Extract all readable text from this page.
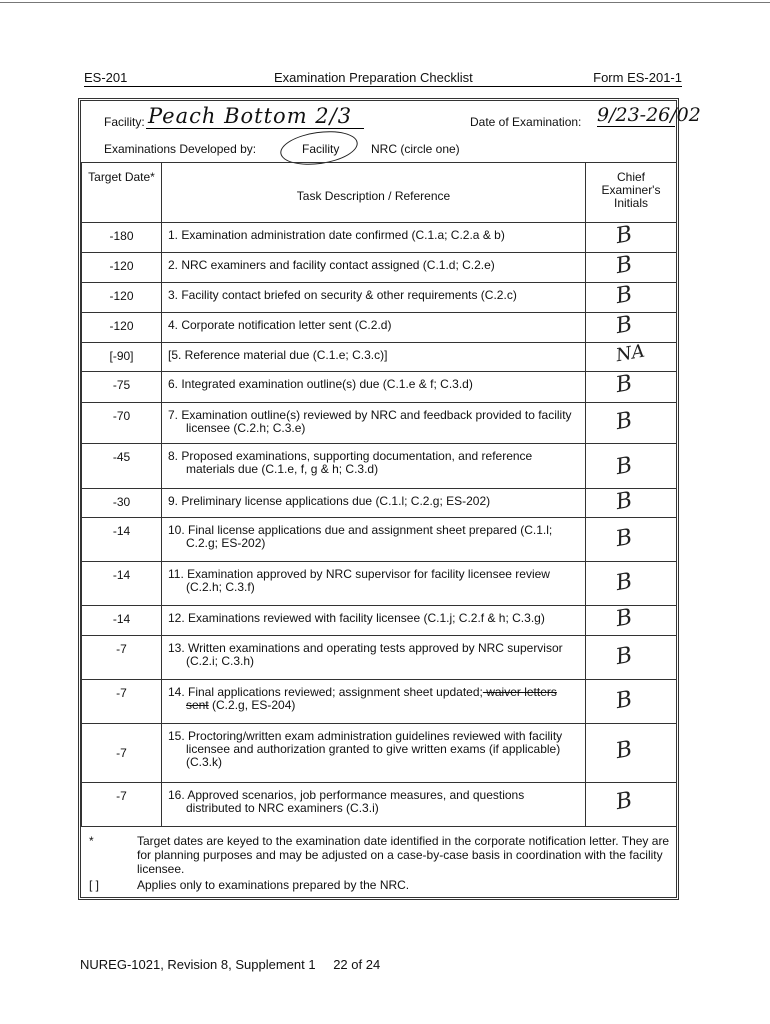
ES-201	Examination Preparation Checklist	Form ES-201-1
Facility: Peach Bottom 2/3	Date of Examination: 9/23-26/02
Examinations Developed by:	Facility	NRC (circle one)
Target Date*	Task Description / Reference	Chief Examiner's Initials
-180	1. Examination administration date confirmed (C.1.a; C.2.a & b)	B

-120	2. NRC examiners and facility contact assigned (C.1.d; C.2.e)	B

-120	3. Facility contact briefed on security & other requirements (C.2.c)	B

-120	4. Corporate notification letter sent (C.2.d)	B

[-90]	[5. Reference material due (C.1.e; C.3.c)]	NA

-75	6. Integrated examination outline(s) due (C.1.e & f; C.3.d)	B

-70	7. Examination outline(s) reviewed by NRC and feedback provided to facility licensee (C.2.h; C.3.e)	B

-45	8. Proposed examinations, supporting documentation, and reference materials due (C.1.e, f, g & h; C.3.d)	B

-30	9. Preliminary license applications due (C.1.l; C.2.g; ES-202)	B

-14	10. Final license applications due and assignment sheet prepared (C.1.l; C.2.g; ES-202)	B

-14	11. Examination approved by NRC supervisor for facility licensee review (C.2.h; C.3.f)	B

-14	12. Examinations reviewed with facility licensee (C.1.j; C.2.f & h; C.3.g)	B

-7	13. Written examinations and operating tests approved by NRC supervisor (C.2.i; C.3.h)	B

-7	14. Final applications reviewed; assignment sheet updated; waiver letters sent (C.2.g, ES-204)	B

-7	15. Proctoring/written exam administration guidelines reviewed with facility licensee and authorization granted to give written exams (if applicable) (C.3.k)	B

-7	16. Approved scenarios, job performance measures, and questions distributed to NRC examiners (C.3.i)	B
*	Target dates are keyed to the examination date identified in the corporate notification letter. They are for planning purposes and may be adjusted on a case-by-case basis in coordination with the facility licensee.
[ ]	Applies only to examinations prepared by the NRC.
NUREG-1021, Revision 8, Supplement 1 22 of 24
